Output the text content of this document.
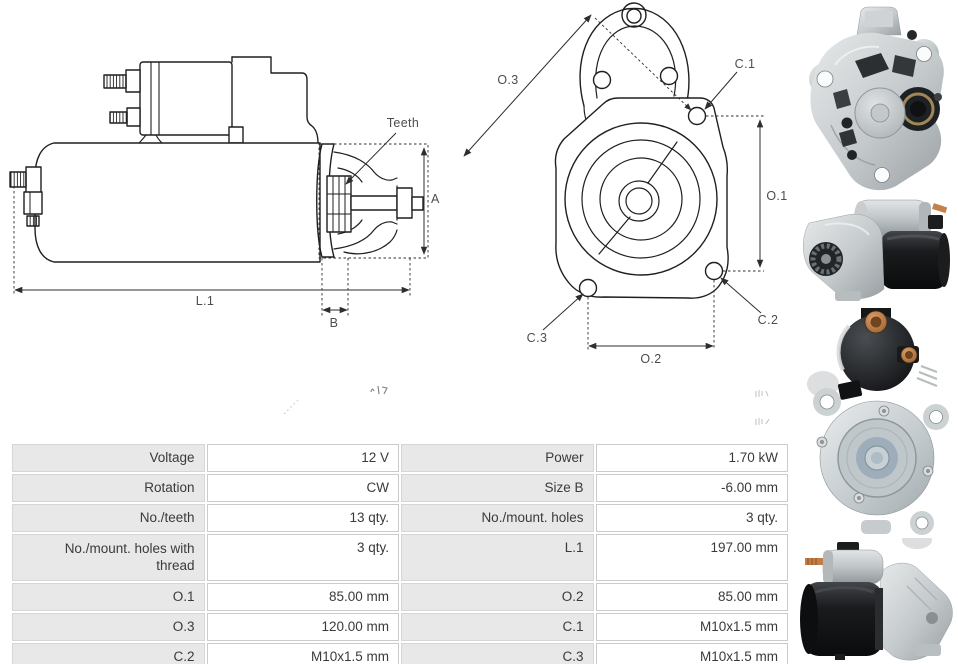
Teeth
A
L.1
B
O.3
C.1
O.1
C.2
C.3
O.2
Voltage	12 V	Power	1.70 kW
Rotation	CW	Size B	-6.00 mm
No./teeth	13 qty.	No./mount. holes	3 qty.
No./mount. holes with thread	3 qty.	L.1	197.00 mm
O.1	85.00 mm	O.2	85.00 mm
O.3	120.00 mm	C.1	M10x1.5 mm
C.2	M10x1.5 mm	C.3	M10x1.5 mm
